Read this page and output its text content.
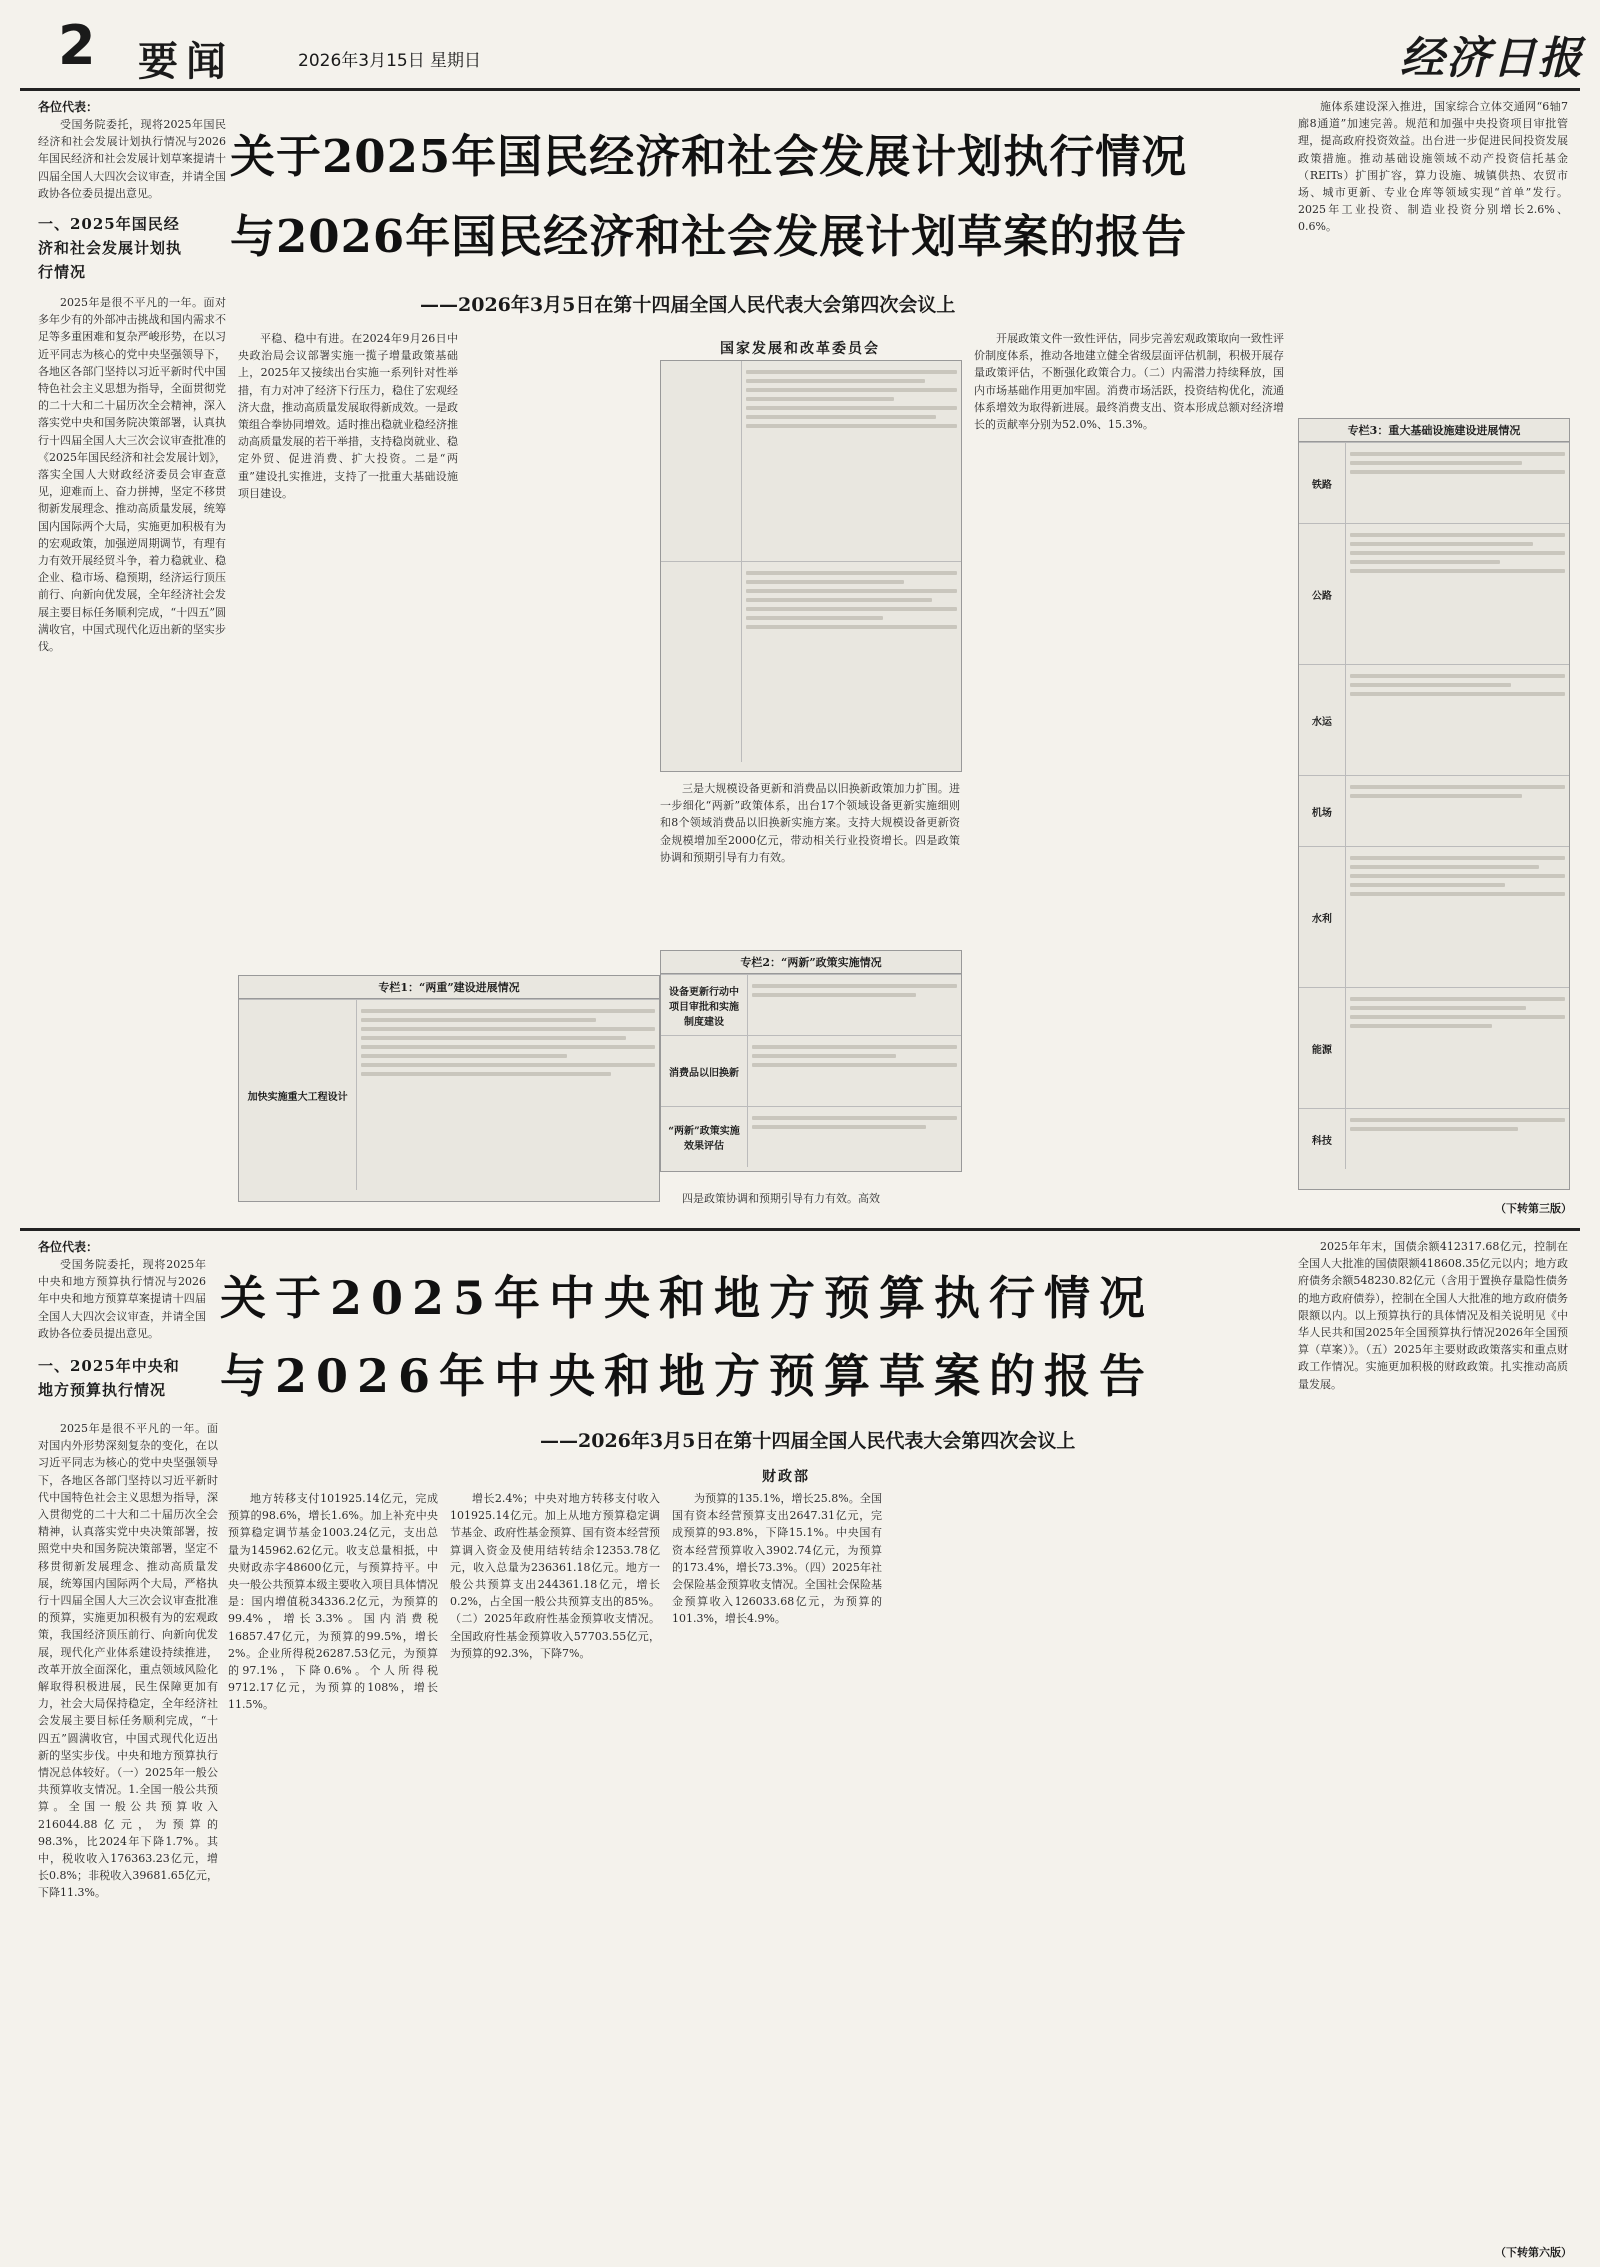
2 要闻	2026年3月15日 星期日	经济日报
各位代表：

受国务院委托，现将2025年国民经济和社会发展计划执行情况与2026年国民经济和社会发展计划草案提请十四届全国人大四次会议审查，并请全国政协各位委员提出意见。

一、2025年国民经济和社会发展计划执行情况

2025年是很不平凡的一年。面对多年少有的外部冲击挑战和国内需求不足等多重困难和复杂严峻形势，在以习近平同志为核心的党中央坚强领导下，各地区各部门坚持以习近平新时代中国特色社会主义思想为指导，全面贯彻党的二十大和二十届历次全会精神，深入落实党中央和国务院决策部署，认真执行十四届全国人大三次会议审查批准的《2025年国民经济和社会发展计划》，落实全国人大财政经济委员会审查意见，迎难而上、奋力拼搏，坚定不移贯彻新发展理念、推动高质量发展，统筹国内国际两个大局，实施更加积极有为的宏观政策，加强逆周期调节，有理有力有效开展经贸斗争，着力稳就业、稳企业、稳市场、稳预期，经济运行顶压前行、向新向优发展，全年经济社会发展主要目标任务顺利完成，“十四五”圆满收官，中国式现代化迈出新的坚实步伐。

关于2025年国民经济和社会发展计划执行情况
与2026年国民经济和社会发展计划草案的报告
——2026年3月5日在第十四届全国人民代表大会第四次会议上
国家发展和改革委员会

平稳、稳中有进。在2024年9月26日中央政治局会议部署实施一揽子增量政策基础上，2025年又接续出台实施一系列针对性举措，有力对冲了经济下行压力，稳住了宏观经济大盘，推动高质量发展取得新成效。一是政策组合拳协同增效。适时推出稳就业稳经济推动高质量发展的若干举措，支持稳岗就业、稳定外贸、促进消费、扩大投资。二是“两重”建设扎实推进，支持了一批重大基础设施项目建设。

专栏1：“两重”建设进展情况
加快实施重大工程设计

三是大规模设备更新和消费品以旧换新政策加力扩围。进一步细化“两新”政策体系，出台17个领域设备更新实施细则和8个领域消费品以旧换新实施方案。支持大规模设备更新资金规模增加至2000亿元，带动相关行业投资增长。四是政策协调和预期引导有力有效。

专栏2：“两新”政策实施情况
设备更新行动中项目审批和实施制度建设
消费品以旧换新
“两新”政策实施效果评估

四是政策协调和预期引导有力有效。高效

开展政策文件一致性评估，同步完善宏观政策取向一致性评价制度体系，推动各地建立健全省级层面评估机制，积极开展存量政策评估，不断强化政策合力。（二）内需潜力持续释放，国内市场基础作用更加牢固。消费市场活跃，投资结构优化，流通体系增效为取得新进展。最终消费支出、资本形成总额对经济增长的贡献率分别为52.0%、15.3%。

施体系建设深入推进，国家综合立体交通网“6轴7廊8通道”加速完善。规范和加强中央投资项目审批管理，提高政府投资效益。出台进一步促进民间投资发展政策措施。推动基础设施领域不动产投资信托基金（REITs）扩围扩容，算力设施、城镇供热、农贸市场、城市更新、专业仓库等领域实现“首单”发行。2025年工业投资、制造业投资分别增长2.6%、0.6%。

专栏3：重大基础设施建设进展情况
铁路
公路
水运
机场
水利
能源
科技
（下转第三版）
各位代表：

受国务院委托，现将2025年中央和地方预算执行情况与2026年中央和地方预算草案提请十四届全国人大四次会议审查，并请全国政协各位委员提出意见。

一、2025年中央和地方预算执行情况

2025年是很不平凡的一年。面对国内外形势深刻复杂的变化，在以习近平同志为核心的党中央坚强领导下，各地区各部门坚持以习近平新时代中国特色社会主义思想为指导，深入贯彻党的二十大和二十届历次全会精神，认真落实党中央决策部署，按照党中央和国务院决策部署，坚定不移贯彻新发展理念、推动高质量发展，统筹国内国际两个大局，严格执行十四届全国人大三次会议审查批准的预算，实施更加积极有为的宏观政策，我国经济顶压前行、向新向优发展，现代化产业体系建设持续推进，改革开放全面深化，重点领域风险化解取得积极进展，民生保障更加有力，社会大局保持稳定，全年经济社会发展主要目标任务顺利完成，“十四五”圆满收官，中国式现代化迈出新的坚实步伐。中央和地方预算执行情况总体较好。（一）2025年一般公共预算收支情况。1.全国一般公共预算。全国一般公共预算收入216044.88亿元，为预算的98.3%，比2024年下降1.7%。其中，税收收入176363.23亿元，增长0.8%；非税收入39681.65亿元，下降11.3%。

关于2025年中央和地方预算执行情况
与2026年中央和地方预算草案的报告
——2026年3月5日在第十四届全国人民代表大会第四次会议上
财政部

地方转移支付101925.14亿元，完成预算的98.6%，增长1.6%。加上补充中央预算稳定调节基金1003.24亿元，支出总量为145962.62亿元。收支总量相抵，中央财政赤字48600亿元，与预算持平。中央一般公共预算本级主要收入项目具体情况是：国内增值税34336.2亿元，为预算的99.4%，增长3.3%。国内消费税16857.47亿元，为预算的99.5%，增长2%。企业所得税26287.53亿元，为预算的97.1%，下降0.6%。个人所得税9712.17亿元，为预算的108%，增长11.5%。

增长2.4%；中央对地方转移支付收入101925.14亿元。加上从地方预算稳定调节基金、政府性基金预算、国有资本经营预算调入资金及使用结转结余12353.78亿元，收入总量为236361.18亿元。地方一般公共预算支出244361.18亿元，增长0.2%，占全国一般公共预算支出的85%。（二）2025年政府性基金预算收支情况。全国政府性基金预算收入57703.55亿元，为预算的92.3%，下降7%。

为预算的135.1%，增长25.8%。全国国有资本经营预算支出2647.31亿元，完成预算的93.8%，下降15.1%。中央国有资本经营预算收入3902.74亿元，为预算的173.4%，增长73.3%。（四）2025年社会保险基金预算收支情况。全国社会保险基金预算收入126033.68亿元，为预算的101.3%，增长4.9%。

2025年年末，国债余额412317.68亿元，控制在全国人大批准的国债限额418608.35亿元以内；地方政府债务余额548230.82亿元（含用于置换存量隐性债务的地方政府债券），控制在全国人大批准的地方政府债务限额以内。以上预算执行的具体情况及相关说明见《中华人民共和国2025年全国预算执行情况2026年全国预算（草案）》。（五）2025年主要财政政策落实和重点财政工作情况。实施更加积极的财政政策。扎实推动高质量发展。

（下转第六版）
